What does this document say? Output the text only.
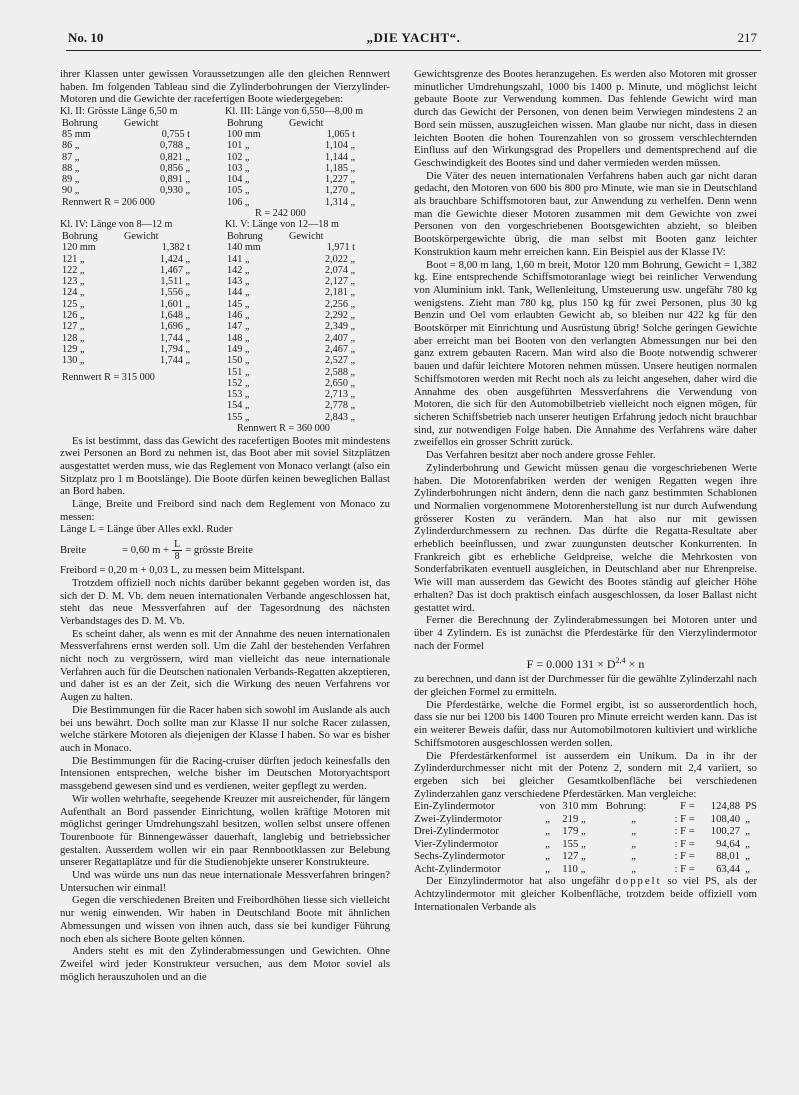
No. 10	„DIE YACHT“.	217

ihrer Klassen unter gewissen Voraussetzungen alle den gleichen Rennwert haben. Im folgenden Tableau sind die Zylinderbohrungen der Vierzylinder-Motoren und die Gewichte der racefertigen Boote wiedergegeben:

Kl. II: Grösste Länge 6,50 m
Bohrung	Gewicht
85 mm	0,755 t
86 „	0,788 „
87 „	0,821 „
88 „	0,856 „
89 „	0,891 „
90 „	0,930 „
Rennwert R = 206 000
Kl. III: Länge von 6,550—8,00 m
Bohrung	Gewicht
100 mm	1,065 t
101 „	1,104 „
102 „	1,144 „
103 „	1,185 „
104 „	1,227 „
105 „	1,270 „
106 „	1,314 „
R = 242 000
Kl. IV: Länge von 8—12 m
Bohrung	Gewicht
120 mm	1,382 t
121 „	1,424 „
122 „	1,467 „
123 „	1,511 „
124 „	1,556 „
125 „	1,601 „
126 „	1,648 „
127 „	1,696 „
128 „	1,744 „
129 „	1,794 „
130 „	1,744 „
Rennwert R = 315 000
Kl. V: Länge von 12—18 m
Bohrung	Gewicht
140 mm	1,971 t
141 „	2,022 „
142 „	2,074 „
143 „	2,127 „
144 „	2,181 „
145 „	2,256 „
146 „	2,292 „
147 „	2,349 „
148 „	2,407 „
149 „	2,467 „
150 „	2,527 „
151 „	2,588 „
152 „	2,650 „
153 „	2,713 „
154 „	2,778 „
155 „	2,843 „
Rennwert R = 360 000

Es ist bestimmt, dass das Gewicht des racefertigen Bootes mit mindestens zwei Personen an Bord zu nehmen ist, das Boot aber mit soviel Sitzplätzen ausgestattet werden muss, wie das Reglement von Monaco verlangt (also ein Sitzplatz pro 1 m Bootslänge). Die Boote dürfen keinen beweglichen Ballast an Bord haben.

Länge, Breite und Freibord sind nach dem Reglement von Monaco zu messen:

Länge L = Länge über Alles exkl. Ruder

Breite	= 0,60 $m + \frac{L}{8}$ = grösste Breite

Freibord = 0,20 m + 0,03 L, zu messen beim Mittelspant.

Trotzdem offiziell noch nichts darüber bekannt gegeben worden ist, das sich der D. M. Vb. dem neuen internationalen Verbande angeschlossen hat, steht das neue Messverfahren auf der Tagesordnung des nächsten Verbandstages des D. M. Vb.

Es scheint daher, als wenn es mit der Annahme des neuen internationalen Messverfahrens ernst werden soll. Um die Zahl der bestehenden Verfahren nicht noch zu vergrössern, wird man vielleicht das neue internationale Verfahren auch für die Deutschen nationalen Verbands-Regatten akzeptieren, und daher ist es an der Zeit, sich die Wirkung des neuen Verfahrens vor Augen zu halten.

Die Bestimmungen für die Racer haben sich sowohl im Auslande als auch bei uns bewährt. Doch sollte man zur Klasse II nur solche Racer zulassen, welche stärkere Motoren als diejenigen der Klasse I haben. So war es bisher auch in Monaco.

Die Bestimmungen für die Racing-cruiser dürften jedoch keinesfalls den Intensionen entsprechen, welche bisher im Deutschen Motoryachtsport massgebend gewesen sind und es verdienen, weiter gepflegt zu werden.

Wir wollen wehrhafte, seegehende Kreuzer mit ausreichender, für längern Aufenthalt an Bord passender Einrichtung, wollen kräftige Motoren mit möglichst geringer Umdrehungszahl besitzen, wollen selbst unsere offenen Tourenboote für Binnengewässer dauerhaft, langlebig und betriebssicher gestalten. Ausserdem wollen wir ein paar Rennbootklassen zur Belebung unserer Regattaplätze und für die Studienobjekte unserer Konstrukteure.

Und was würde uns nun das neue internationale Messverfahren bringen? Untersuchen wir einmal!

Gegen die verschiedenen Breiten und Freibordhöhen liesse sich vielleicht nur wenig einwenden. Wir haben in Deutschland Boote mit ähnlichen Abmessungen und wissen von ihnen auch, dass sie bei kundiger Führung noch eben als sichere Boote gelten können.

Anders steht es mit den Zylinderabmessungen und Gewichten. Ohne Zweifel wird jeder Konstrukteur versuchen, aus dem Motor soviel als möglich herauszuholen und an die

Gewichtsgrenze des Bootes heranzugehen. Es werden also Motoren mit grosser minutlicher Umdrehungszahl, 1000 bis 1400 p. Minute, und möglichst leicht gebaute Boote zur Verwendung kommen. Das fehlende Gewicht wird man durch das Gewicht der Personen, von denen beim Verwiegen mindestens 2 an Bord sein müssen, auszugleichen wissen. Man glaube nur nicht, dass in diesen leichten Booten die hohen Tourenzahlen von so grossem verschlechternden Einfluss auf den Wirkungsgrad des Propellers und dementsprechend auf die Geschwindigkeit des Bootes sind und daher vermieden werden müssen.

Die Väter des neuen internationalen Verfahrens haben auch gar nicht daran gedacht, den Motoren von 600 bis 800 pro Minute, wie man sie in Deutschland als brauchbare Schiffsmotoren baut, zur Anwendung zu verhelfen. Denn wenn man die Gewichte dieser Motoren zusammen mit dem Gewichte von zwei Personen von den vorgeschriebenen Bootsgewichten abzieht, so bleiben Bootskörpergewichte übrig, die man selbst mit Booten ganz leichter Konstruktion kaum mehr erreichen kann. Ein Beispiel aus der Klasse IV:

Boot = 8,00 m lang, 1,60 m breit, Motor 120 mm Bohrung, Gewicht = 1,382 kg. Eine entsprechende Schiffsmotoranlage wiegt bei reinlicher Verwendung von Aluminium inkl. Tank, Wellenleitung, Umsteuerung usw. ungefähr 780 kg wenigstens. Zieht man 780 kg, plus 150 kg für zwei Personen, plus 30 kg Benzin und Oel vom erlaubten Gewicht ab, so bleiben nur 422 kg für den Bootskörper mit Einrichtung und Ausrüstung übrig! Solche geringen Gewichte aber erreicht man bei Booten von den verlangten Abmessungen nur bei den ganz extrem gebauten Racern. Man wird also die Boote notwendig schwerer bauen und dafür leichtere Motoren nehmen müssen. Unsere heutigen normalen Schiffsmotoren werden mit Recht noch als zu leicht angesehen, daher wird die Annahme des oben ausgeführten Messverfahrens die Verwendung von Motoren, die sich für den Automobilbetrieb vielleicht noch eignen mögen, für sicheren Schiffsbetrieb nach unserer heutigen Erfahrung jedoch nicht brauchbar sind, zur notwendigen Folge haben. Die Annahme des Verfahrens wäre daher zweifellos ein grosser Schritt zurück.

Das Verfahren besitzt aber noch andere grosse Fehler.

Zylinderbohrung und Gewicht müssen genau die vorgeschriebenen Werte haben. Die Motorenfabriken werden der wenigen Regatten wegen ihre Zylinderbohrungen nicht ändern, denn die nach ganz bestimmten Schablonen und Normalien vorgenommene Motorenherstellung ist nur durch Aufwendung grösserer Kosten zu verändern. Man hat also nur mit gewissen Zylinderdurchmessern zu rechnen. Das dürfte die Regatta-Resultate aber erheblich beeinflussen, und zwar zuungunsten deutscher Konkurrenten. In Frankreich gibt es erhebliche Geldpreise, welche die Mehrkosten von Sonderfabrikaten eventuell ausgleichen, in Deutschland aber nur Ehrenpreise. Wie will man ausserdem das Gewicht des Bootes ständig auf gleicher Höhe erhalten? Das ist doch praktisch einfach ausgeschlossen, da loser Ballast nicht gestattet wird.

Ferner die Berechnung der Zylinderabmessungen bei Motoren unter und über 4 Zylindern. Es ist zunächst die Pferdestärke für den Vierzylindermotor nach der Formel

F = 0.000 131 × D$^{2,4}$ × n

zu berechnen, und dann ist der Durchmesser für die gewählte Zylinderzahl nach der gleichen Formel zu ermitteln.

Die Pferdestärke, welche die Formel ergibt, ist so ausserordentlich hoch, dass sie nur bei 1200 bis 1400 Touren pro Minute erreicht werden kann. Das ist ein weiterer Beweis dafür, dass nur Automobilmotoren kultiviert und wirkliche Schiffsmotoren ausgeschlossen werden sollen.

Die Pferdestärkenformel ist ausserdem ein Unikum. Da in ihr der Zylinderdurchmesser nicht mit der Potenz 2, sondern mit 2,4 variiert, so ergeben sich bei gleicher Gesamtkolbenfläche bei verschiedenen Zylinderzahlen ganz verschiedene Pferdestärken. Man vergleiche:

Ein-Zylindermotor	von	310 mm	Bohrung:	F =	124,88	PS
Zwei-Zylindermotor	„	219 „	„	: F =	108,40	„
Drei-Zylindermotor	„	179 „	„	: F =	100,27	„
Vier-Zylindermotor	„	155 „	„	: F =	94,64	„
Sechs-Zylindermotor	„	127 „	„	: F =	88,01	„
Acht-Zylindermotor	„	110 „	„	: F =	63,44	„

Der Einzylindermotor hat also ungefähr doppelt so viel PS, als der Achtzylindermotor mit gleicher Kolbenfläche, trotzdem beide offiziell vom Internationalen Verbande als
